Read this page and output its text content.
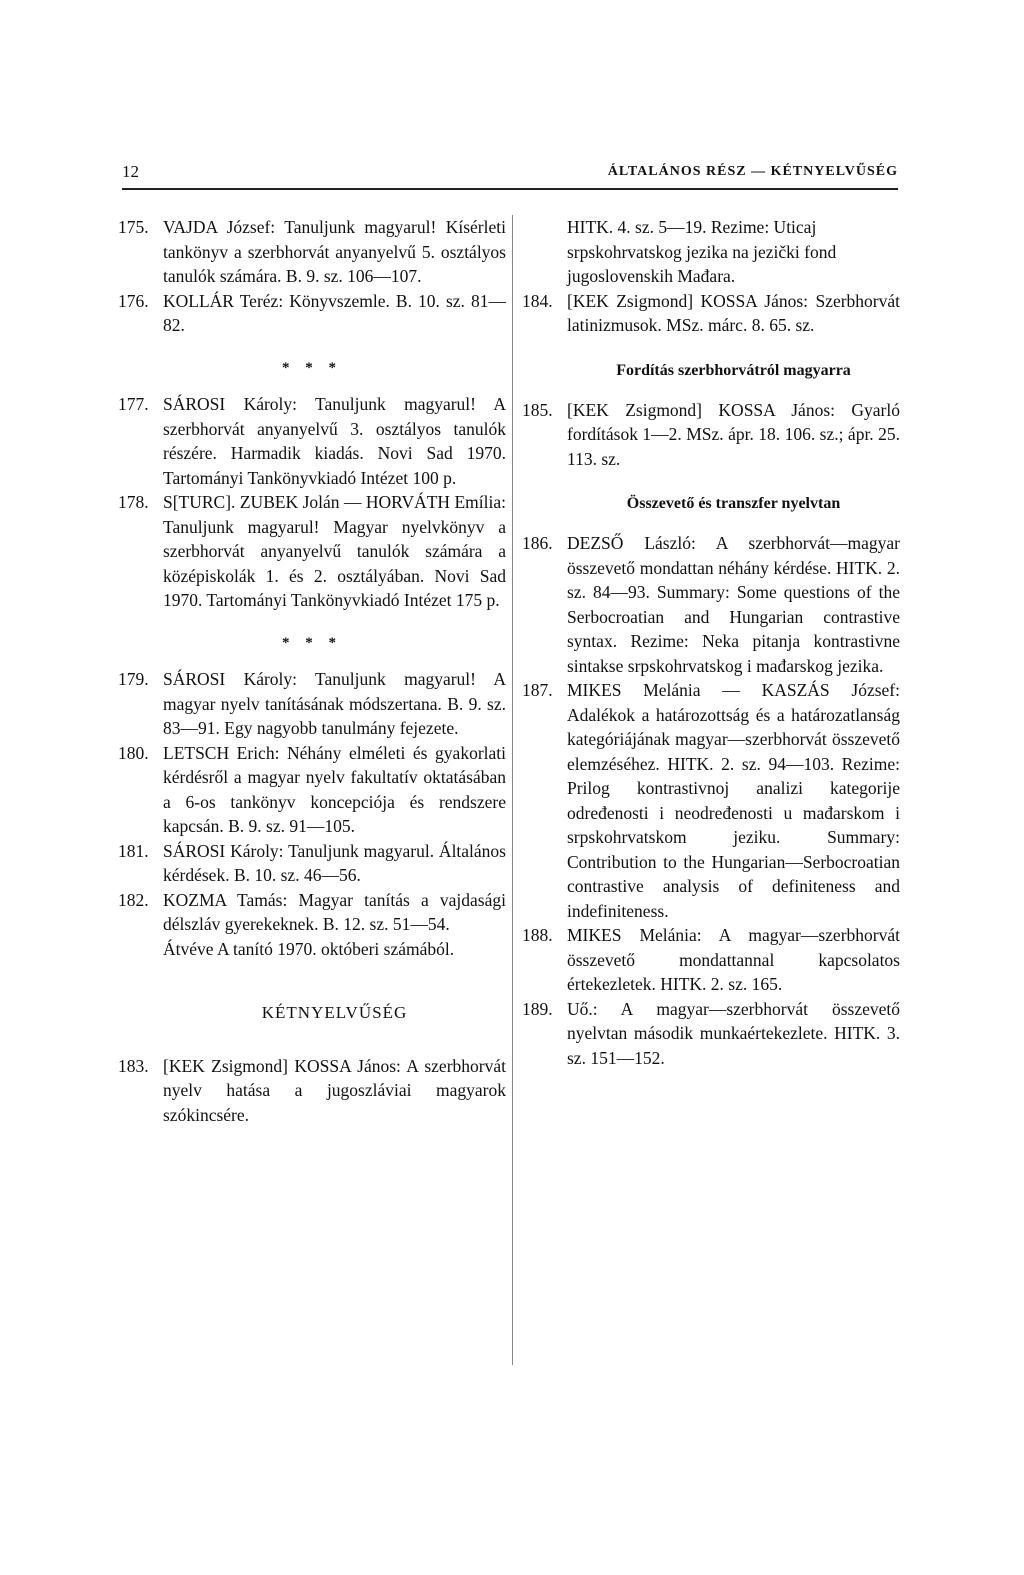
12	ÁLTALÁNOS RÉSZ — KÉTNYELVŰSÉG

175. VAJDA József: Tanuljunk magyarul! Kísérleti tankönyv a szerbhorvát anyanyelvű 5. osztályos tanulók számára. B. 9. sz. 106—107.

176. KOLLÁR Teréz: Könyvszemle. B. 10. sz. 81—82.

* * *

177. SÁROSI Károly: Tanuljunk magyarul! A szerbhorvát anyanyelvű 3. osztályos tanulók részére. Harmadik kiadás. Novi Sad 1970. Tartományi Tankönyvkiadó Intézet 100 p.

178. S[TURC]. ZUBEK Jolán — HORVÁTH Emília: Tanuljunk magyarul! Magyar nyelvkönyv a szerbhorvát anyanyelvű tanulók számára a középiskolák 1. és 2. osztályában. Novi Sad 1970. Tartományi Tankönyvkiadó Intézet 175 p.

* * *

179. SÁROSI Károly: Tanuljunk magyarul! A magyar nyelv tanításának módszertana. B. 9. sz. 83—91. Egy nagyobb tanulmány fejezete.

180. LETSCH Erich: Néhány elméleti és gyakorlati kérdésről a magyar nyelv fakultatív oktatásában a 6-os tankönyv koncepciója és rendszere kapcsán. B. 9. sz. 91—105.

181. SÁROSI Károly: Tanuljunk magyarul. Általános kérdések. B. 10. sz. 46—56.

182. KOZMA Tamás: Magyar tanítás a vajdasági délszláv gyerekeknek. B. 12. sz. 51—54.

Átvéve A tanító 1970. októberi számából.

KÉTNYELVŰSÉG

183. [KEK Zsigmond] KOSSA János: A szerbhorvát nyelv hatása a jugoszláviai magyarok szókincsére.

HITK. 4. sz. 5—19. Rezime: Uticaj srpskohrvatskog jezika na jezički fond jugoslovenskih Mađara.

184. [KEK Zsigmond] KOSSA János: Szerbhorvát latinizmusok. MSz. márc. 8. 65. sz.

Fordítás szerbhorvátról magyarra

185. [KEK Zsigmond] KOSSA János: Gyarló fordítások 1—2. MSz. ápr. 18. 106. sz.; ápr. 25. 113. sz.

Összevető és transzfer nyelvtan

186. DEZSŐ László: A szerbhorvát—magyar összevető mondattan néhány kérdése. HITK. 2. sz. 84—93. Summary: Some questions of the Serbocroatian and Hungarian contrastive syntax. Rezime: Neka pitanja kontrastivne sintakse srpskohrvatskog i mađarskog jezika.

187. MIKES Melánia — KASZÁS József: Adalékok a határozottság és a határozatlanság kategóriájának magyar—szerbhorvát összevető elemzéséhez. HITK. 2. sz. 94—103. Rezime: Prilog kontrastivnoj analizi kategorije određenosti i neodređenosti u mađarskom i srpskohrvatskom jeziku. Summary: Contribution to the Hungarian—Serbocroatian contrastive analysis of definiteness and indefiniteness.

188. MIKES Melánia: A magyar—szerbhorvát összevető mondattannal kapcsolatos értekezletek. HITK. 2. sz. 165.

189. Uő.: A magyar—szerbhorvát összevető nyelvtan második munkaértekezlete. HITK. 3. sz. 151—152.
